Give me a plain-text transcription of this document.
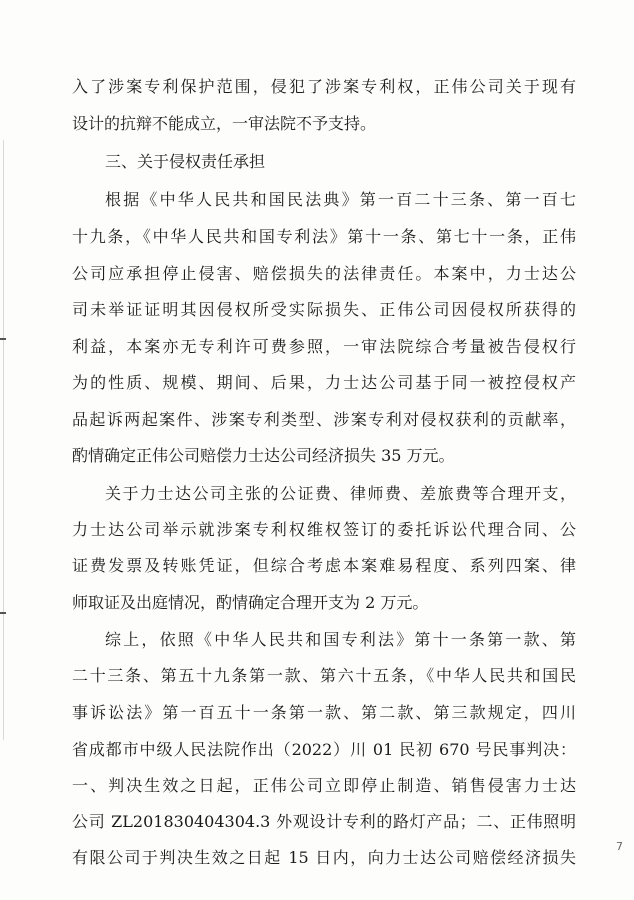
入了涉案专利保护范围，侵犯了涉案专利权，正伟公司关于现有
设计的抗辩不能成立，一审法院不予支持。
三、关于侵权责任承担
根据《中华人民共和国民法典》第一百二十三条、第一百七
十九条，《中华人民共和国专利法》第十一条、第七十一条，正伟
公司应承担停止侵害、赔偿损失的法律责任。本案中，力士达公
司未举证证明其因侵权所受实际损失、正伟公司因侵权所获得的
利益，本案亦无专利许可费参照，一审法院综合考量被告侵权行
为的性质、规模、期间、后果，力士达公司基于同一被控侵权产
品起诉两起案件、涉案专利类型、涉案专利对侵权获利的贡献率，
酌情确定正伟公司赔偿力士达公司经济损失 35 万元。
关于力士达公司主张的公证费、律师费、差旅费等合理开支，
力士达公司举示就涉案专利权维权签订的委托诉讼代理合同、公
证费发票及转账凭证，但综合考虑本案难易程度、系列四案、律
师取证及出庭情况，酌情确定合理开支为 2 万元。
综上，依照《中华人民共和国专利法》第十一条第一款、第
二十三条、第五十九条第一款、第六十五条，《中华人民共和国民
事诉讼法》第一百五十一条第一款、第二款、第三款规定，四川
省成都市中级人民法院作出（2022）川 01 民初 670 号民事判决：
一、判决生效之日起，正伟公司立即停止制造、销售侵害力士达
公司 ZL201830404304.3 外观设计专利的路灯产品；二、正伟照明
有限公司于判决生效之日起 15 日内，向力士达公司赔偿经济损失
7
